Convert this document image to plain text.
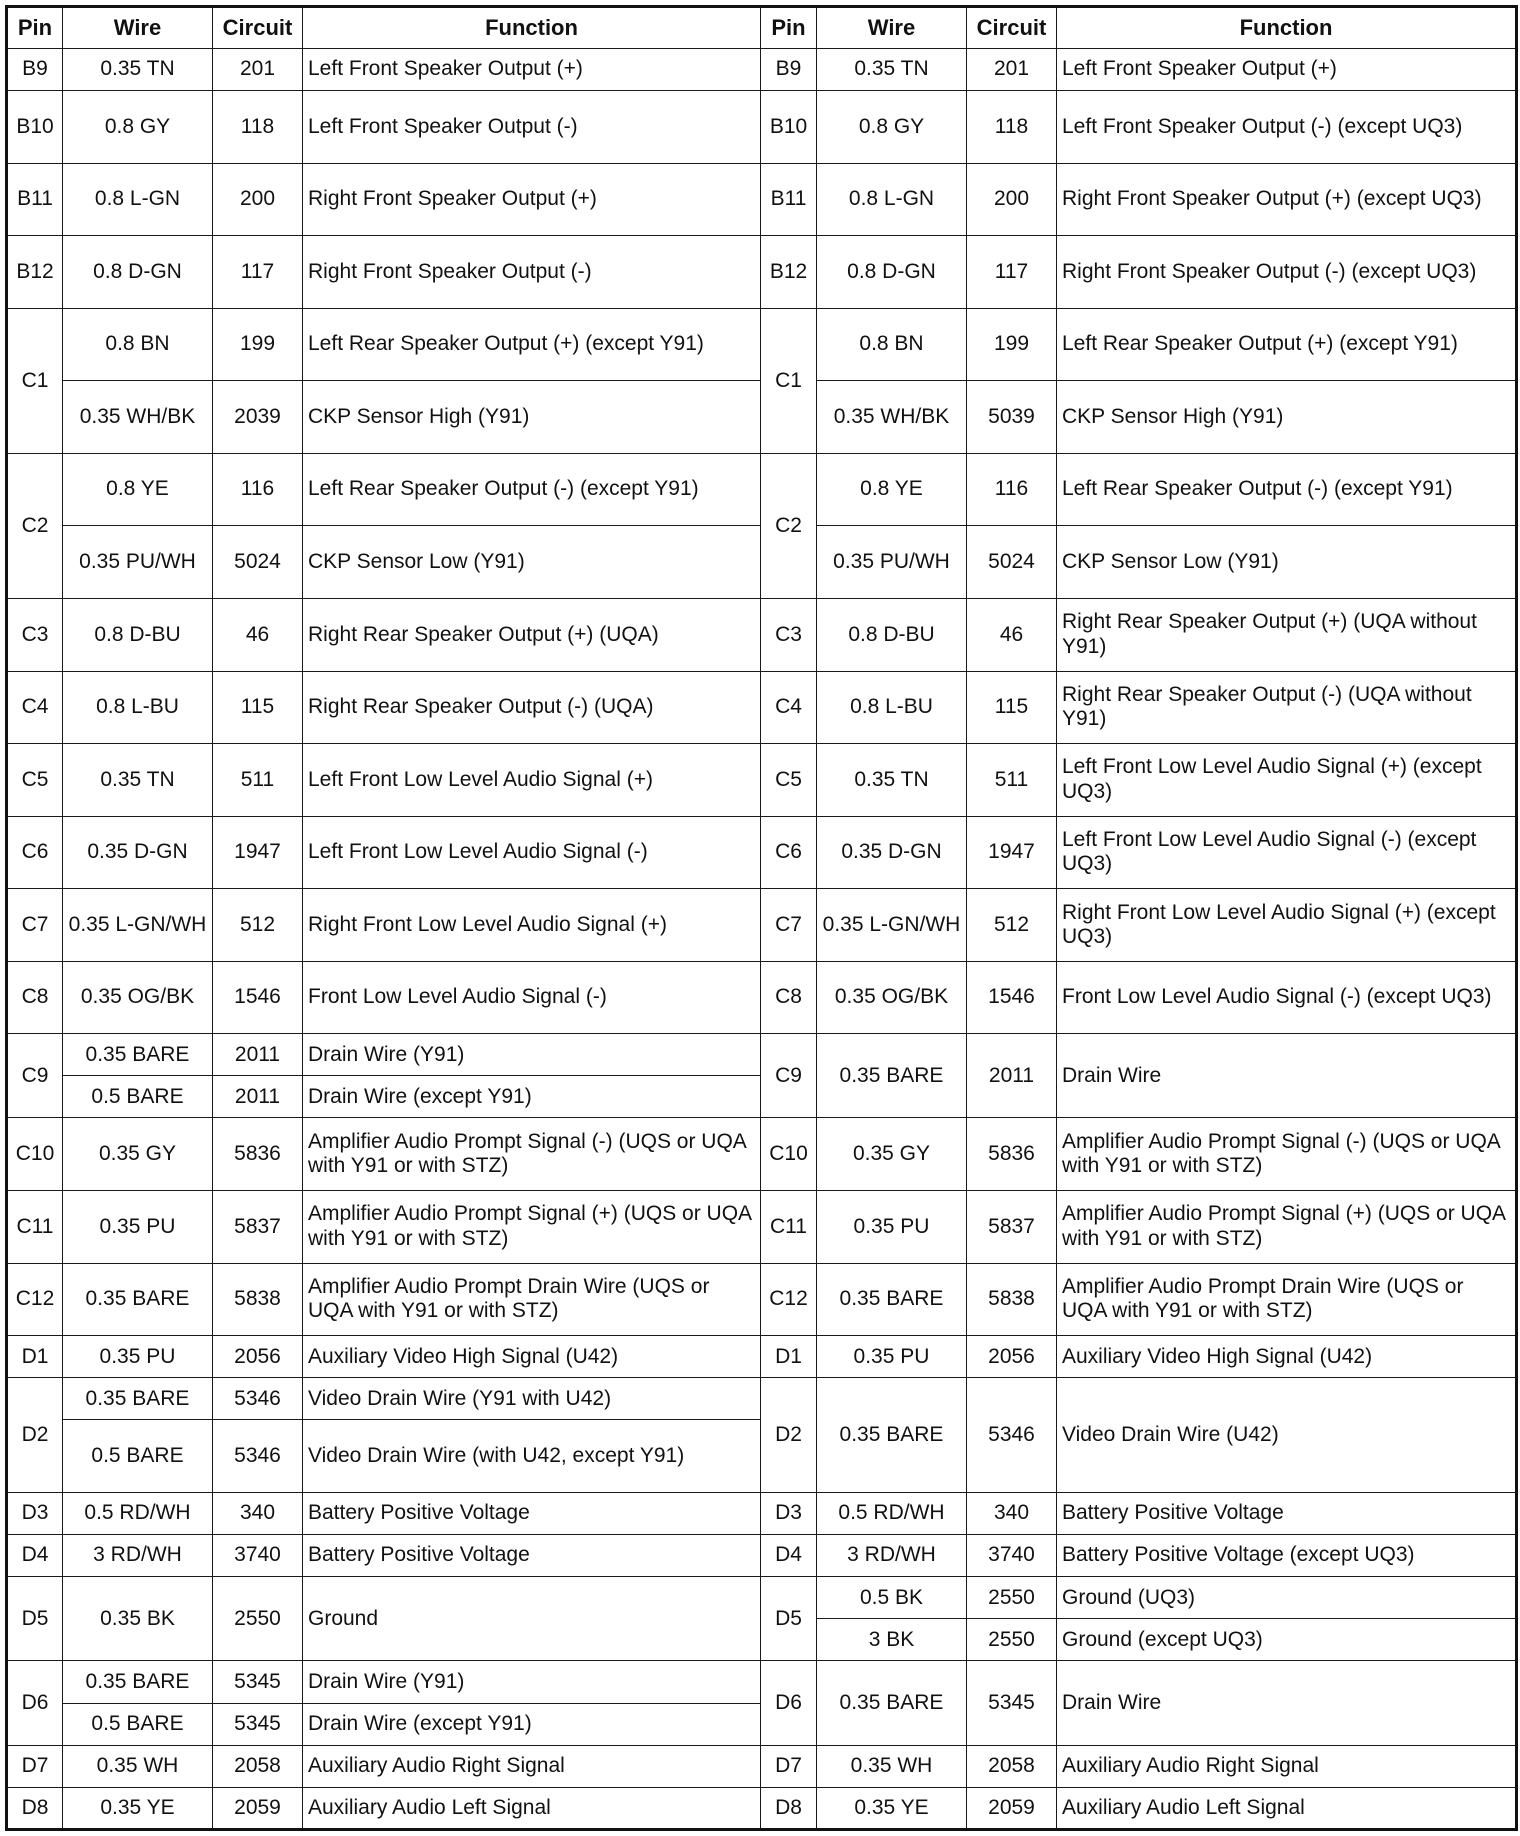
Pin	Wire	Circuit	Function	Pin	Wire	Circuit	Function
B9	0.35 TN	201	Left Front Speaker Output (+)	B9	0.35 TN	201	Left Front Speaker Output (+)
B10	0.8 GY	118	Left Front Speaker Output (-)	B10	0.8 GY	118	Left Front Speaker Output (-) (except UQ3)
B11	0.8 L-GN	200	Right Front Speaker Output (+)	B11	0.8 L-GN	200	Right Front Speaker Output (+) (except UQ3)
B12	0.8 D-GN	117	Right Front Speaker Output (-)	B12	0.8 D-GN	117	Right Front Speaker Output (-) (except UQ3)
C1	0.8 BN	199	Left Rear Speaker Output (+) (except Y91)	C1	0.8 BN	199	Left Rear Speaker Output (+) (except Y91)
	0.35 WH/BK	2039	CKP Sensor High (Y91)		0.35 WH/BK	5039	CKP Sensor High (Y91)
C2	0.8 YE	116	Left Rear Speaker Output (-) (except Y91)	C2	0.8 YE	116	Left Rear Speaker Output (-) (except Y91)
	0.35 PU/WH	5024	CKP Sensor Low (Y91)		0.35 PU/WH	5024	CKP Sensor Low (Y91)
C3	0.8 D-BU	46	Right Rear Speaker Output (+) (UQA)	C3	0.8 D-BU	46	Right Rear Speaker Output (+) (UQA without Y91)
C4	0.8 L-BU	115	Right Rear Speaker Output (-) (UQA)	C4	0.8 L-BU	115	Right Rear Speaker Output (-) (UQA without Y91)
C5	0.35 TN	511	Left Front Low Level Audio Signal (+)	C5	0.35 TN	511	Left Front Low Level Audio Signal (+) (except UQ3)
C6	0.35 D-GN	1947	Left Front Low Level Audio Signal (-)	C6	0.35 D-GN	1947	Left Front Low Level Audio Signal (-) (except UQ3)
C7	0.35 L-GN/WH	512	Right Front Low Level Audio Signal (+)	C7	0.35 L-GN/WH	512	Right Front Low Level Audio Signal (+) (except UQ3)
C8	0.35 OG/BK	1546	Front Low Level Audio Signal (-)	C8	0.35 OG/BK	1546	Front Low Level Audio Signal (-) (except UQ3)
C9	0.35 BARE	2011	Drain Wire (Y91)	C9	0.35 BARE	2011	Drain Wire
	0.5 BARE	2011	Drain Wire (except Y91)				
C10	0.35 GY	5836	Amplifier Audio Prompt Signal (-) (UQS or UQA with Y91 or with STZ)	C10	0.35 GY	5836	Amplifier Audio Prompt Signal (-) (UQS or UQA with Y91 or with STZ)
C11	0.35 PU	5837	Amplifier Audio Prompt Signal (+) (UQS or UQA with Y91 or with STZ)	C11	0.35 PU	5837	Amplifier Audio Prompt Signal (+) (UQS or UQA with Y91 or with STZ)
C12	0.35 BARE	5838	Amplifier Audio Prompt Drain Wire (UQS or UQA with Y91 or with STZ)	C12	0.35 BARE	5838	Amplifier Audio Prompt Drain Wire (UQS or UQA with Y91 or with STZ)
D1	0.35 PU	2056	Auxiliary Video High Signal (U42)	D1	0.35 PU	2056	Auxiliary Video High Signal (U42)
D2	0.35 BARE	5346	Video Drain Wire (Y91 with U42)	D2	0.35 BARE	5346	Video Drain Wire (U42)
	0.5 BARE	5346	Video Drain Wire (with U42, except Y91)				
D3	0.5 RD/WH	340	Battery Positive Voltage	D3	0.5 RD/WH	340	Battery Positive Voltage
D4	3 RD/WH	3740	Battery Positive Voltage	D4	3 RD/WH	3740	Battery Positive Voltage (except UQ3)
D5	0.35 BK	2550	Ground	D5	0.5 BK	2550	Ground (UQ3)
					3 BK	2550	Ground (except UQ3)
D6	0.35 BARE	5345	Drain Wire (Y91)	D6	0.35 BARE	5345	Drain Wire
	0.5 BARE	5345	Drain Wire (except Y91)				
D7	0.35 WH	2058	Auxiliary Audio Right Signal	D7	0.35 WH	2058	Auxiliary Audio Right Signal
D8	0.35 YE	2059	Auxiliary Audio Left Signal	D8	0.35 YE	2059	Auxiliary Audio Left Signal
